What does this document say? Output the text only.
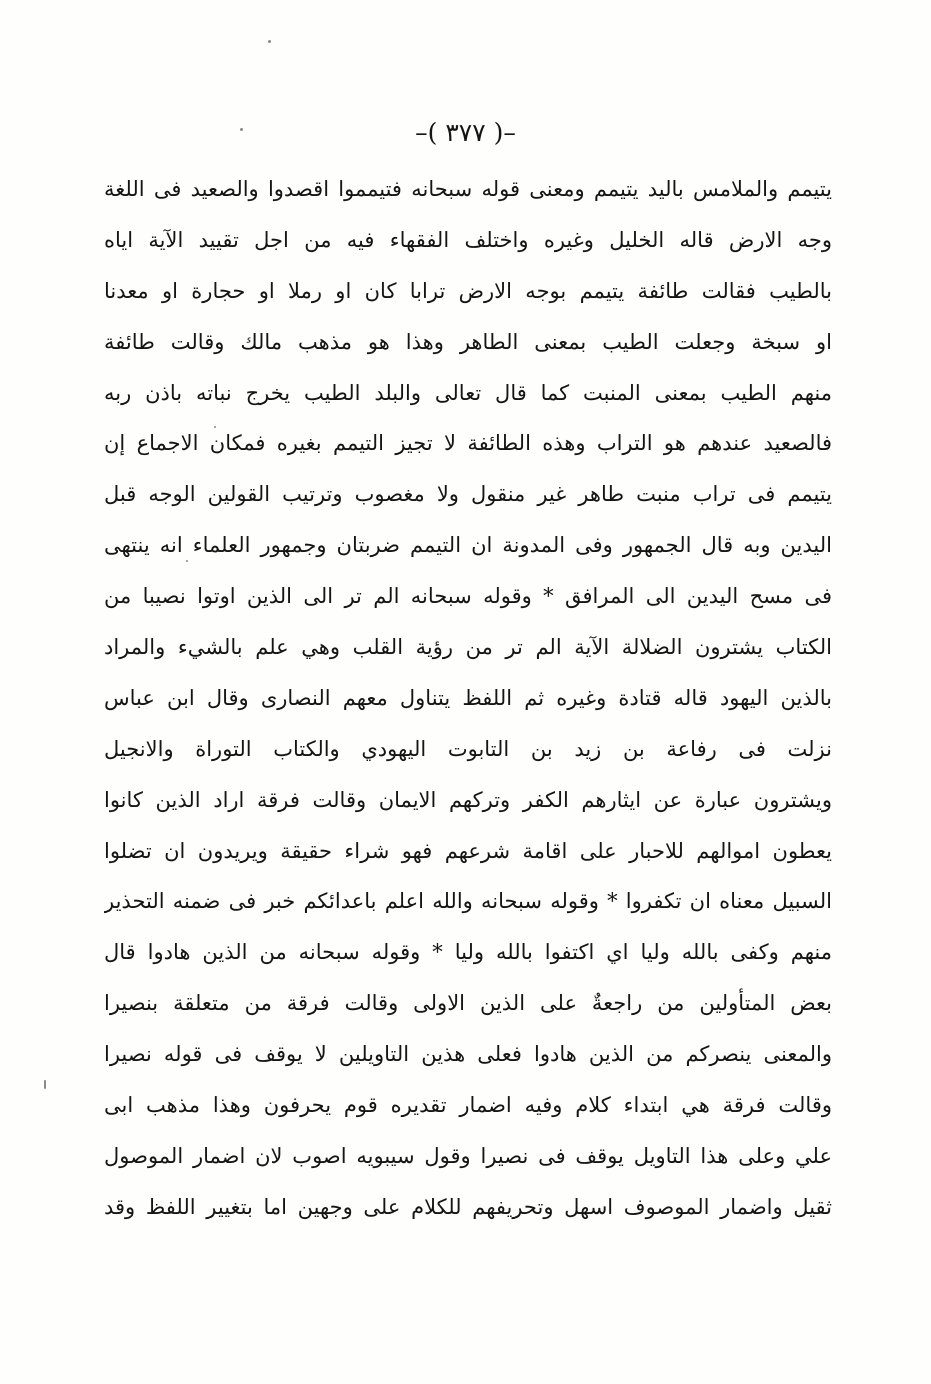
–( ٣٧٧ )–
يتيمم والملامس باليد يتيمم ومعنى قوله سبحانه فتيمموا اقصدوا والصعيد فى اللغة
وجه الارض قاله الخليل وغيره واختلف الفقهاء فيه من اجل تقييد الآية اياه
بالطيب فقالت طائفة يتيمم بوجه الارض ترابا كان او رملا او حجارة او معدنا
او سبخة وجعلت الطيب بمعنى الطاهر وهذا هو مذهب مالك وقالت طائفة
منهم الطيب بمعنى المنبت كما قال تعالى والبلد الطيب يخرج نباته باذن ربه
فالصعيد عندهم هو التراب وهذه الطائفة لا تجيز التيمم بغيره فمكان الاجماع إن
يتيمم فى تراب منبت طاهر غير منقول ولا مغصوب وترتيب القولين الوجه قبل
اليدين وبه قال الجمهور وفى المدونة ان التيمم ضربتان وجمهور العلماء انه ينتهى
فى مسح اليدين الى المرافق * وقوله سبحانه الم تر الى الذين اوتوا نصيبا من
الكتاب يشترون الضلالة الآية الم تر من رؤية القلب وهي علم بالشيء والمراد
بالذين اليهود قاله قتادة وغيره ثم اللفظ يتناول معهم النصارى وقال ابن عباس
نزلت فى رفاعة بن زيد بن التابوت اليهودي والكتاب التوراة والانجيل
ويشترون عبارة عن ايثارهم الكفر وتركهم الايمان وقالت فرقة اراد الذين كانوا
يعطون اموالهم للاحبار على اقامة شرعهم فهو شراء حقيقة ويريدون ان تضلوا
السبيل معناه ان تكفروا * وقوله سبحانه والله اعلم باعدائكم خبر فى ضمنه التحذير
منهم وكفى بالله وليا اي اكتفوا بالله وليا * وقوله سبحانه من الذين هادوا قال
بعض المتأولين من راجعةٌ على الذين الاولى وقالت فرقة من متعلقة بنصيرا
والمعنى ينصركم من الذين هادوا فعلى هذين التاويلين لا يوقف فى قوله نصيرا
وقالت فرقة هي ابتداء كلام وفيه اضمار تقديره قوم يحرفون وهذا مذهب ابى
علي وعلى هذا التاويل يوقف فى نصيرا وقول سيبويه اصوب لان اضمار الموصول
ثقيل واضمار الموصوف اسهل وتحريفهم للكلام على وجهين اما بتغيير اللفظ وقد
